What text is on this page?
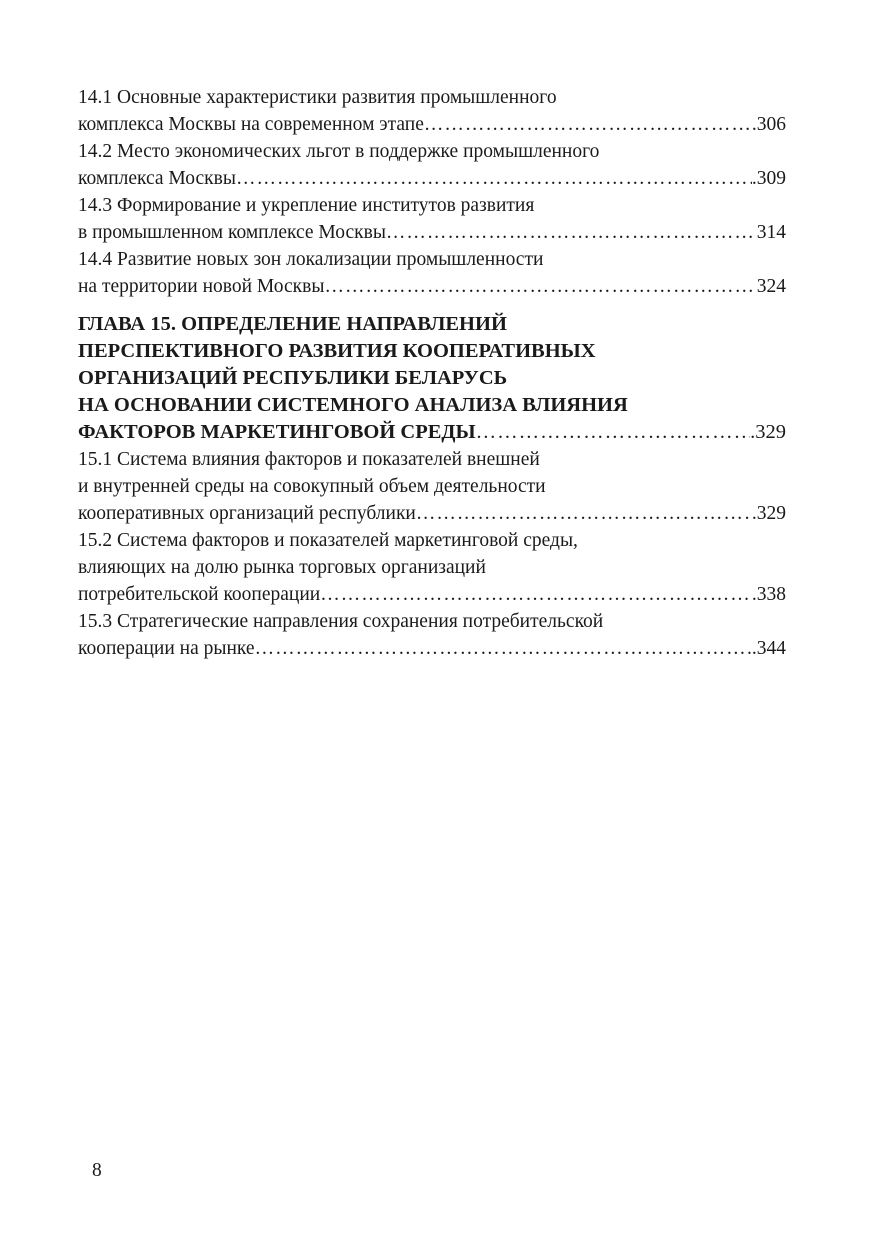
14.1 Основные характеристики развития промышленного
комплекса Москвы на современном этапе …………………………………………………………………………………………………………………………	.306
14.2 Место экономических льгот в поддержке промышленного
комплекса Москвы …………………………………………………………………………………………………………………………	.309
14.3 Формирование и укрепление институтов развития
в промышленном комплексе Москвы …………………………………………………………………………………………………………………………	314
14.4 Развитие новых зон локализации промышленности
на территории новой Москвы …………………………………………………………………………………………………………………………	324
ГЛАВА 15. ОПРЕДЕЛЕНИЕ НАПРАВЛЕНИЙ
ПЕРСПЕКТИВНОГО РАЗВИТИЯ КООПЕРАТИВНЫХ
ОРГАНИЗАЦИЙ РЕСПУБЛИКИ БЕЛАРУСЬ
НА ОСНОВАНИИ СИСТЕМНОГО АНАЛИЗА ВЛИЯНИЯ
ФАКТОРОВ МАРКЕТИНГОВОЙ СРЕДЫ …………………………………………………………………………………………………………………………	.329
15.1 Система влияния факторов и показателей внешней
и внутренней среды на совокупный объем деятельности
кооперативных организаций республики …………………………………………………………………………………………………………………………	.329
15.2 Система факторов и показателей маркетинговой среды,
влияющих на долю рынка торговых организаций
потребительской кооперации …………………………………………………………………………………………………………………………	.338
15.3 Стратегические направления сохранения потребительской
кооперации на рынке …………………………………………………………………………………………………………………………	..344
8
